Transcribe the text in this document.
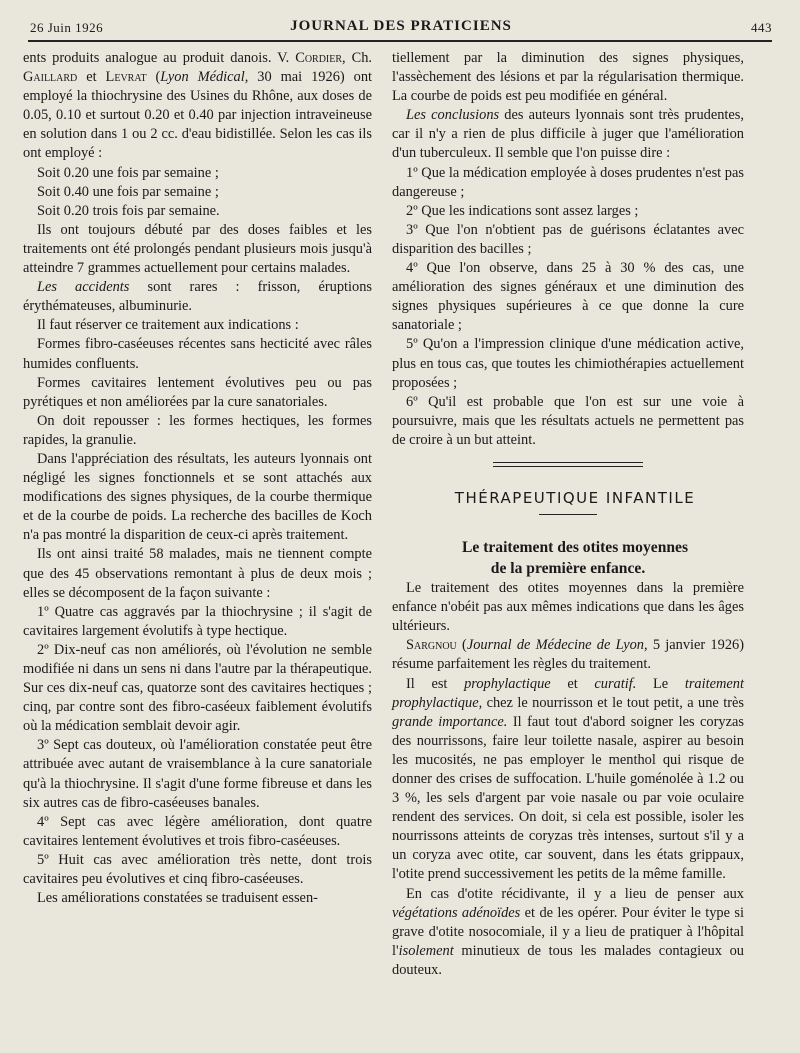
26 Juin 1926	JOURNAL DES PRATICIENS	443

ents produits analogue au produit danois. V. Cordier, Ch. Gaillard et Levrat (Lyon Médical, 30 mai 1926) ont employé la thiochrysine des Usines du Rhône, aux doses de 0.05, 0.10 et surtout 0.20 et 0.40 par injection intraveineuse en solution dans 1 ou 2 cc. d'eau bidistillée. Selon les cas ils ont employé :

Soit 0.20 une fois par semaine ;

Soit 0.40 une fois par semaine ;

Soit 0.20 trois fois par semaine.

Ils ont toujours débuté par des doses faibles et les traitements ont été prolongés pendant plusieurs mois jusqu'à atteindre 7 grammes actuellement pour certains malades.

Les accidents sont rares : frisson, éruptions érythémateuses, albuminurie.

Il faut réserver ce traitement aux indications :

Formes fibro-caséeuses récentes sans hecticité avec râles humides confluents.

Formes cavitaires lentement évolutives peu ou pas pyrétiques et non améliorées par la cure sanatoriales.

On doit repousser : les formes hectiques, les formes rapides, la granulie.

Dans l'appréciation des résultats, les auteurs lyonnais ont négligé les signes fonctionnels et se sont attachés aux modifications des signes physiques, de la courbe thermique et de la courbe de poids. La recherche des bacilles de Koch n'a pas montré la disparition de ceux-ci après traitement.

Ils ont ainsi traité 58 malades, mais ne tiennent compte que des 45 observations remontant à plus de deux mois ; elles se décomposent de la façon suivante :

1º Quatre cas aggravés par la thiochrysine ; il s'agit de cavitaires largement évolutifs à type hectique.

2º Dix-neuf cas non améliorés, où l'évolution ne semble modifiée ni dans un sens ni dans l'autre par la thérapeutique. Sur ces dix-neuf cas, quatorze sont des cavitaires hectiques ; cinq, par contre sont des fibro-caséeux faiblement évolutifs où la médication semblait devoir agir.

3º Sept cas douteux, où l'amélioration constatée peut être attribuée avec autant de vraisemblance à la cure sanatoriale qu'à la thiochrysine. Il s'agit d'une forme fibreuse et dans les six autres cas de fibro-caséeuses banales.

4º Sept cas avec légère amélioration, dont quatre cavitaires lentement évolutives et trois fibro-caséeuses.

5º Huit cas avec amélioration très nette, dont trois cavitaires peu évolutives et cinq fibro-caséeuses.

Les améliorations constatées se traduisent essen-

tiellement par la diminution des signes physiques, l'assèchement des lésions et par la régularisation thermique. La courbe de poids est peu modifiée en général.

Les conclusions des auteurs lyonnais sont très prudentes, car il n'y a rien de plus difficile à juger que l'amélioration d'un tuberculeux. Il semble que l'on puisse dire :

1º Que la médication employée à doses prudentes n'est pas dangereuse ;

2º Que les indications sont assez larges ;

3º Que l'on n'obtient pas de guérisons éclatantes avec disparition des bacilles ;

4º Que l'on observe, dans 25 à 30 % des cas, une amélioration des signes généraux et une diminution des signes physiques supérieures à ce que donne la cure sanatoriale ;

5º Qu'on a l'impression clinique d'une médication active, plus en tous cas, que toutes les chimiothérapies actuellement proposées ;

6º Qu'il est probable que l'on est sur une voie à poursuivre, mais que les résultats actuels ne permettent pas de croire à un but atteint.

THÉRAPEUTIQUE INFANTILE

Le traitement des otites moyennes
de la première enfance.

Le traitement des otites moyennes dans la première enfance n'obéit pas aux mêmes indications que dans les âges ultérieurs.

Sargnou (Journal de Médecine de Lyon, 5 janvier 1926) résume parfaitement les règles du traitement.

Il est prophylactique et curatif. Le traitement prophylactique, chez le nourrisson et le tout petit, a une très grande importance. Il faut tout d'abord soigner les coryzas des nourrissons, faire leur toilette nasale, aspirer au besoin les mucosités, ne pas employer le menthol qui risque de donner des crises de suffocation. L'huile goménolée à 1.2 ou 3 %, les sels d'argent par voie nasale ou par voie oculaire rendent des services. On doit, si cela est possible, isoler les nourrissons atteints de coryzas très intenses, surtout s'il y a un coryza avec otite, car souvent, dans les états grippaux, l'otite prend successivement les petits de la même famille.

En cas d'otite récidivante, il y a lieu de penser aux végétations adénoïdes et de les opérer. Pour éviter le type si grave d'otite nosocomiale, il y a lieu de pratiquer à l'hôpital l'isolement minutieux de tous les malades contagieux ou douteux.
